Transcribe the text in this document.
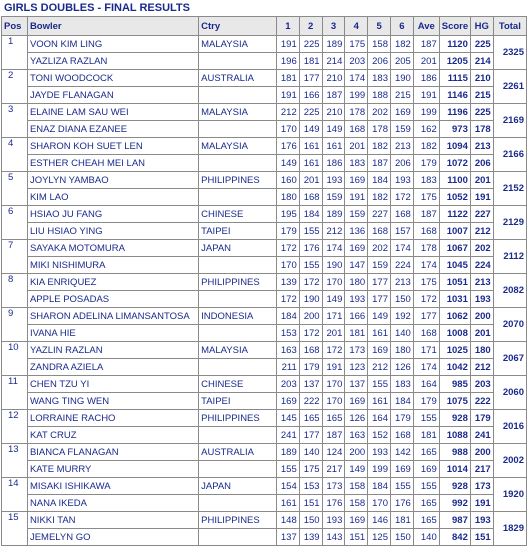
GIRLS DOUBLES - FINAL RESULTS
Pos	Bowler	Ctry	1	2	3	4	5	6	Ave	Score	HG	Total
1	VOON KIM LING	MALAYSIA	191	225	189	175	158	182	187	1120	225	2325
	YAZLIZA RAZLAN		196	181	214	203	206	205	201	1205	214	
2	TONI WOODCOCK	AUSTRALIA	181	177	210	174	183	190	186	1115	210	2261
	JAYDE FLANAGAN		191	166	187	199	188	215	191	1146	215	
3	ELAINE LAM SAU WEI	MALAYSIA	212	225	210	178	202	169	199	1196	225	2169
	ENAZ DIANA EZANEE		170	149	149	168	178	159	162	973	178	
4	SHARON KOH SUET LEN	MALAYSIA	176	161	161	201	182	213	182	1094	213	2166
	ESTHER CHEAH MEI LAN		149	161	186	183	187	206	179	1072	206	
5	JOYLYN YAMBAO	PHILIPPINES	160	201	193	169	184	193	183	1100	201	2152
	KIM LAO		180	168	159	191	182	172	175	1052	191	
6	HSIAO JU FANG	CHINESE	195	184	189	159	227	168	187	1122	227	2129
	LIU HSIAO YING	TAIPEI	179	155	212	136	168	157	168	1007	212	
7	SAYAKA MOTOMURA	JAPAN	172	176	174	169	202	174	178	1067	202	2112
	MIKI NISHIMURA		170	155	190	147	159	224	174	1045	224	
8	KIA ENRIQUEZ	PHILIPPINES	139	172	170	180	177	213	175	1051	213	2082
	APPLE POSADAS		172	190	149	193	177	150	172	1031	193	
9	SHARON ADELINA LIMANSANTOSA	INDONESIA	184	200	171	166	149	192	177	1062	200	2070
	IVANA HIE		153	172	201	181	161	140	168	1008	201	
10	YAZLIN RAZLAN	MALAYSIA	163	168	172	173	169	180	171	1025	180	2067
	ZANDRA AZIELA		211	179	191	123	212	126	174	1042	212	
11	CHEN TZU YI	CHINESE	203	137	170	137	155	183	164	985	203	2060
	WANG TING WEN	TAIPEI	169	222	170	169	161	184	179	1075	222	
12	LORRAINE RACHO	PHILIPPINES	145	165	165	126	164	179	155	928	179	2016
	KAT CRUZ		241	177	187	163	152	168	181	1088	241	
13	BIANCA FLANAGAN	AUSTRALIA	189	140	124	200	193	142	165	988	200	2002
	KATE MURRY		155	175	217	149	199	169	169	1014	217	
14	MISAKI ISHIKAWA	JAPAN	154	153	173	158	184	155	155	928	173	1920
	NANA IKEDA		161	151	176	158	170	176	165	992	191	
15	NIKKI TAN	PHILIPPINES	148	150	193	169	146	181	165	987	193	1829
	JEMELYN GO		137	139	143	151	125	150	140	842	151	
